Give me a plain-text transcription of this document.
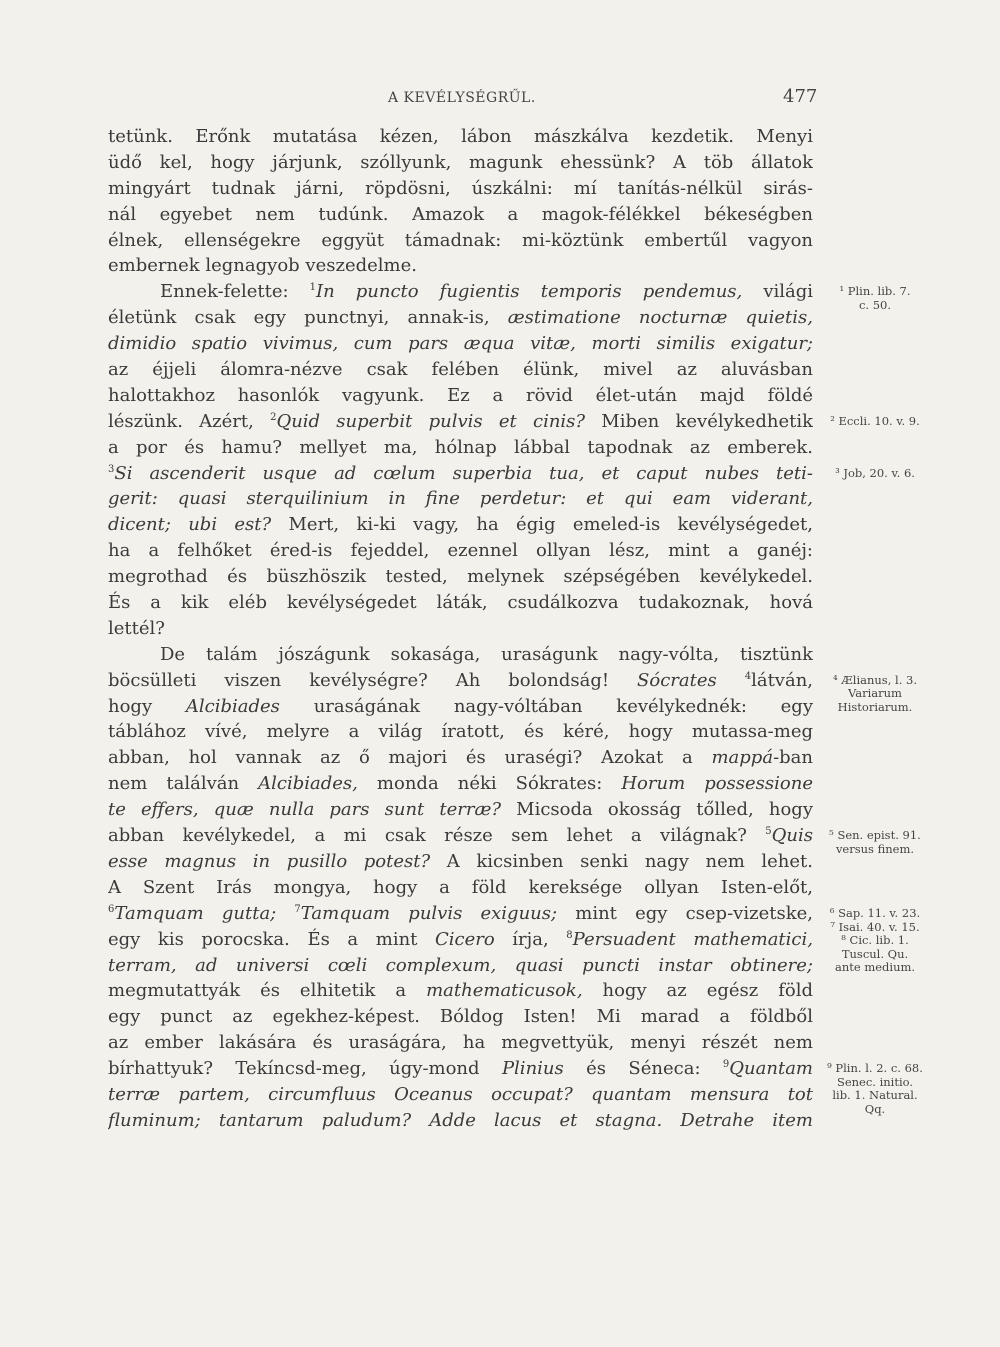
A KEVÉLYSÉGRŰL.	477
tetünk. Erőnk mutatása kézen, lábon mászkálva kezdetik. Menyi
üdő kel, hogy járjunk, szóllyunk, magunk ehessünk? A töb állatok
mingyárt tudnak járni, röpdösni, úszkálni: mí tanítás-nélkül sirás-
nál egyebet nem tudúnk. Amazok a magok-félékkel békeségben
élnek, ellenségekre eggyüt támadnak: mi-köztünk embertűl vagyon
embernek legnagyob veszedelme.
Ennek-felette: $^1$In puncto fugientis temporis pendemus, világi
életünk csak egy punctnyi, annak-is, æstimatione nocturnæ quietis,
dimidio spatio vivimus, cum pars æqua vitæ, morti similis exigatur;
az éjjeli álomra-nézve csak felében élünk, mivel az aluvásban
halottakhoz hasonlók vagyunk. Ez a rövid élet-után majd földé
lészünk. Azért, $^2$Quid superbit pulvis et cinis? Miben kevélykedhetik
a por és hamu? mellyet ma, hólnap lábbal tapodnak az emberek.
$^3$Si ascenderit usque ad cœlum superbia tua, et caput nubes teti-
gerit: quasi sterquilinium in fine perdetur: et qui eam viderant,
dicent; ubi est? Mert, ki-ki vagy, ha égig emeled-is kevélységedet,
ha a felhőket éred-is fejeddel, ezennel ollyan lész, mint a ganéj:
megrothad és büszhöszik tested, melynek szépségében kevélykedel.
És a kik eléb kevélységedet láták, csudálkozva tudakoznak, hová
lettél?
De talám jószágunk sokasága, uraságunk nagy-vólta, tisztünk
böcsülleti viszen kevélységre? Ah bolondság! Sócrates	$^4$látván,
hogy Alcibiades uraságának nagy-vóltában kevélykednék: egy
táblához vívé, melyre a világ íratott, és kéré, hogy mutassa-meg
abban, hol vannak az ő majori és uraségi? Azokat a mappá-ban
nem találván Alcibiades, monda néki Sókrates: Horum possessione
te effers, quæ nulla pars sunt terræ? Micsoda okosság tőlled, hogy
abban kevélykedel, a mi csak része sem lehet a világnak? $^5$Quis
esse magnus in pusillo potest? A kicsinben senki nagy nem lehet.
A Szent Irás mongya, hogy a föld kereksége ollyan Isten-előt,
$^6$Tamquam gutta; $^7$Tamquam pulvis exiguus; mint egy csep-vizetske,
egy kis porocska. És a mint Cicero írja, $^8$Persuadent mathematici,
terram, ad universi cœli complexum, quasi puncti instar obtinere;
megmutattyák és elhitetik a mathematicusok, hogy az egész föld
egy punct az egekhez-képest. Bóldog Isten! Mi marad a földből
az ember lakására és uraságára, ha megvettyük, menyi részét nem
bírhattyuk? Tekíncsd-meg, úgy-mond Plinius és Séneca: $^9$Quantam
terræ partem, circumfluus Oceanus occupat? quantam mensura tot
fluminum; tantarum paludum? Adde lacus et stagna. Detrahe item
¹ Plin. lib. 7.
c. 50.
² Eccli. 10. v. 9.
³ Job, 20. v. 6.
⁴ Ælianus, l. 3.
Variarum
Historiarum.
⁵ Sen. epist. 91.
versus finem.
⁶ Sap. 11. v. 23.
⁷ Isai. 40. v. 15.
⁸ Cic. lib. 1.
Tuscul. Qu.
ante medium.
⁹ Plin. l. 2. c. 68.
Senec. initio.
lib. 1. Natural.
Qq.
